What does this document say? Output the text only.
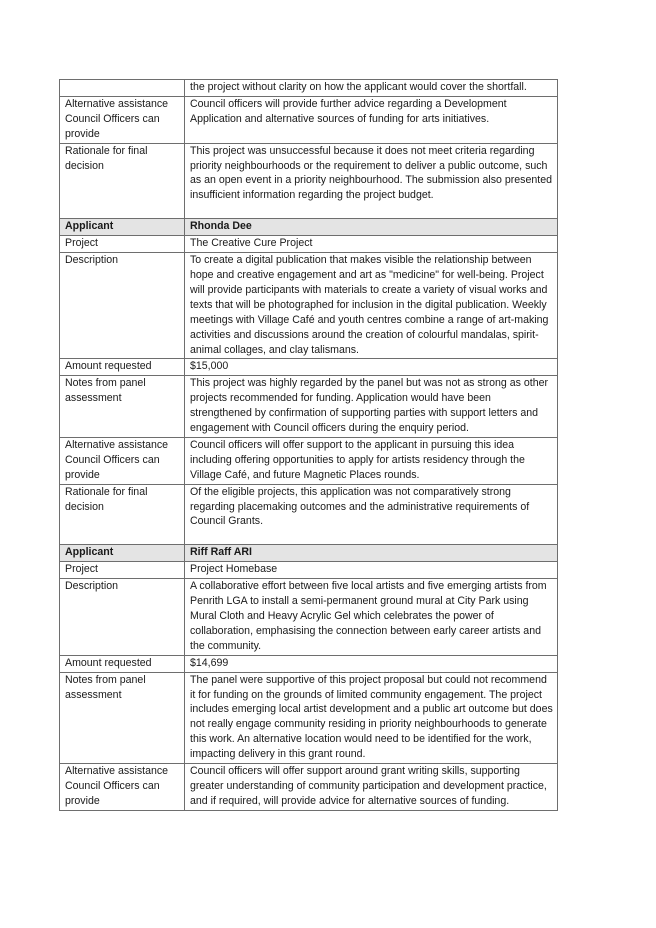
	the project without clarity on how the applicant would cover the shortfall.
Alternative assistance Council Officers can provide	Council officers will provide further advice regarding a Development Application and alternative sources of funding for arts initiatives.
Rationale for final decision	This project was unsuccessful because it does not meet criteria regarding priority neighbourhoods or the requirement to deliver a public outcome, such as an open event in a priority neighbourhood. The submission also presented insufficient information regarding the project budget.
Applicant	Rhonda Dee
Project	The Creative Cure Project
Description	To create a digital publication that makes visible the relationship between hope and creative engagement and art as "medicine" for well-being. Project will provide participants with materials to create a variety of visual works and texts that will be photographed for inclusion in the digital publication. Weekly meetings with Village Café and youth centres combine a range of art-making activities and discussions around the creation of colourful mandalas, spirit-animal collages, and clay talismans.
Amount requested	$15,000
Notes from panel assessment	This project was highly regarded by the panel but was not as strong as other projects recommended for funding. Application would have been strengthened by confirmation of supporting parties with support letters and engagement with Council officers during the enquiry period.
Alternative assistance Council Officers can provide	Council officers will offer support to the applicant in pursuing this idea including offering opportunities to apply for artists residency through the Village Café, and future Magnetic Places rounds.
Rationale for final decision	Of the eligible projects, this application was not comparatively strong regarding placemaking outcomes and the administrative requirements of Council Grants.
Applicant	Riff Raff ARI
Project	Project Homebase
Description	A collaborative effort between five local artists and five emerging artists from Penrith LGA to install a semi-permanent ground mural at City Park using Mural Cloth and Heavy Acrylic Gel which celebrates the power of collaboration, emphasising the connection between early career artists and the community.
Amount requested	$14,699
Notes from panel assessment	The panel were supportive of this project proposal but could not recommend it for funding on the grounds of limited community engagement. The project includes emerging local artist development and a public art outcome but does not really engage community residing in priority neighbourhoods to generate this work. An alternative location would need to be identified for the work, impacting delivery in this grant round.
Alternative assistance Council Officers can provide	Council officers will offer support around grant writing skills, supporting greater understanding of community participation and development practice, and if required, will provide advice for alternative sources of funding.
